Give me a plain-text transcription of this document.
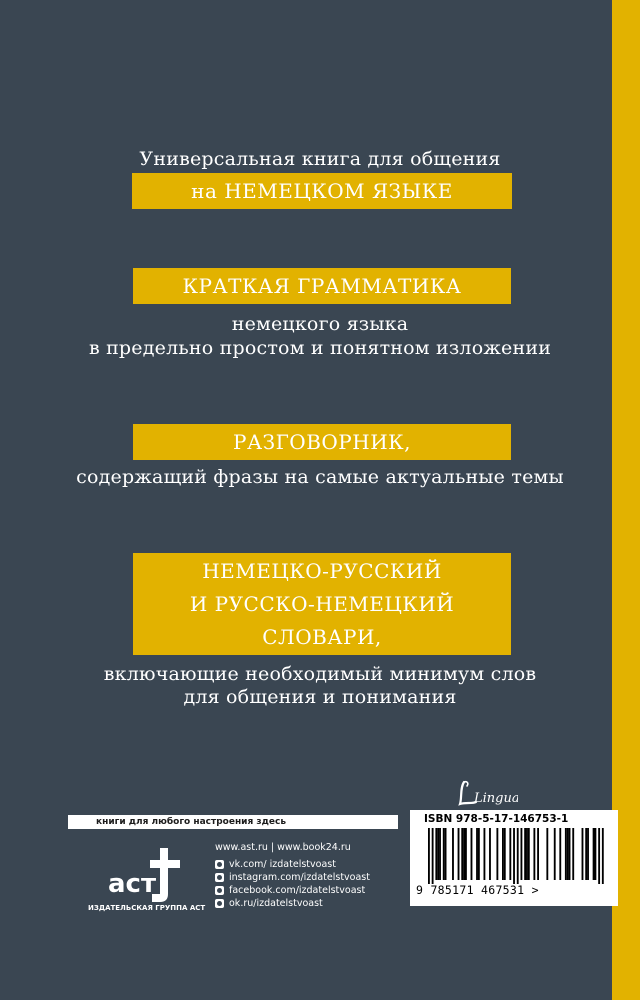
Универсальная книга для общения
на НЕМЕЦКОМ ЯЗЫКЕ
КРАТКАЯ ГРАММАТИКА
немецкого языка
в предельно простом и понятном изложении
РАЗГОВОРНИК,
содержащий фразы на самые актуальные темы
НЕМЕЦКО-РУССКИЙ
И РУССКО-НЕМЕЦКИЙ
СЛОВАРИ,
включающие необходимый минимум слов
для общения и понимания
Lingua
книги для любого настроения здесь
аст
ИЗДАТЕЛЬСКАЯ ГРУППА АСТ
www.ast.ru | www.book24.ru
vk.com/ izdatelstvoast
instagram.com/izdatelstvoast
facebook.com/izdatelstvoast
ok.ru/izdatelstvoast
ISBN 978-5-17-146753-1
9 785171 467531 >
